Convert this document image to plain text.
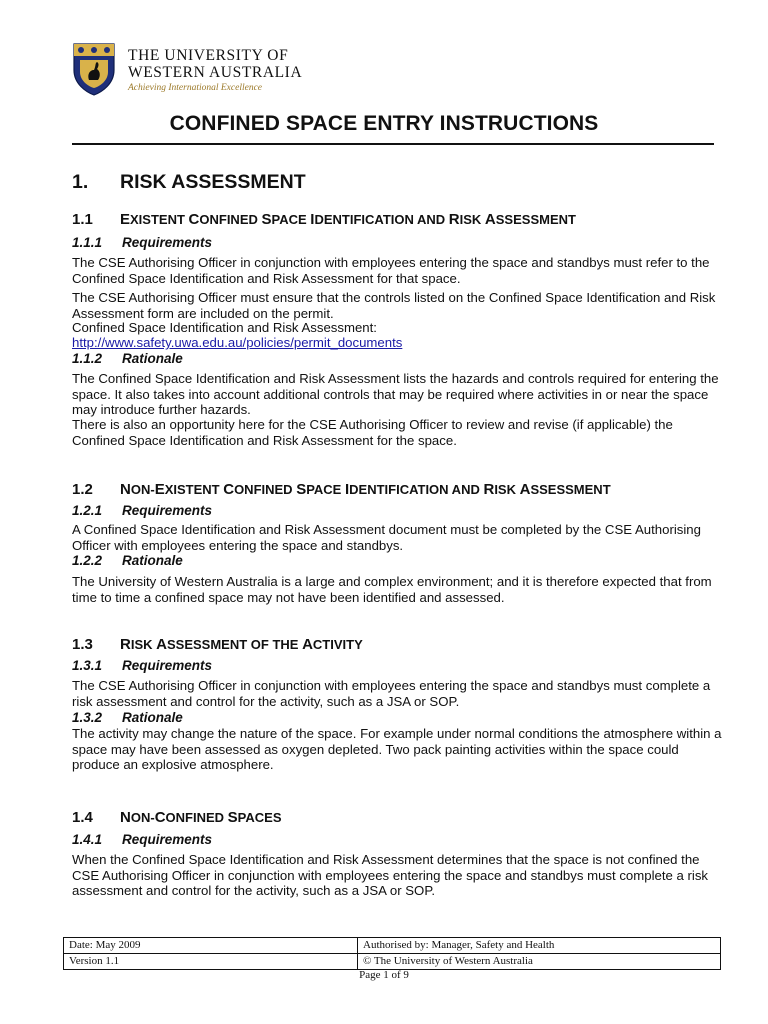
THE UNIVERSITY OF
WESTERN AUSTRALIA
Achieving International Excellence
CONFINED SPACE ENTRY INSTRUCTIONS
1. RISK ASSESSMENT
1.1 EXISTENT CONFINED SPACE IDENTIFICATION AND RISK ASSESSMENT
1.1.1 Requirements
The CSE Authorising Officer in conjunction with employees entering the space and standbys must refer to the Confined Space Identification and Risk Assessment for that space.
The CSE Authorising Officer must ensure that the controls listed on the Confined Space Identification and Risk Assessment form are included on the permit.
Confined Space Identification and Risk Assessment:
http://www.safety.uwa.edu.au/policies/permit_documents
1.1.2 Rationale
The Confined Space Identification and Risk Assessment lists the hazards and controls required for entering the space. It also takes into account additional controls that may be required where activities in or near the space may introduce further hazards.
There is also an opportunity here for the CSE Authorising Officer to review and revise (if applicable) the Confined Space Identification and Risk Assessment for the space.
1.2 NON-EXISTENT CONFINED SPACE IDENTIFICATION AND RISK ASSESSMENT
1.2.1 Requirements
A Confined Space Identification and Risk Assessment document must be completed by the CSE Authorising Officer with employees entering the space and standbys.
1.2.2 Rationale
The University of Western Australia is a large and complex environment; and it is therefore expected that from time to time a confined space may not have been identified and assessed.
1.3 RISK ASSESSMENT OF THE ACTIVITY
1.3.1 Requirements
The CSE Authorising Officer in conjunction with employees entering the space and standbys must complete a risk assessment and control for the activity, such as a JSA or SOP.
1.3.2 Rationale
The activity may change the nature of the space. For example under normal conditions the atmosphere within a space may have been assessed as oxygen depleted. Two pack painting activities within the space could produce an explosive atmosphere.
1.4 NON-CONFINED SPACES
1.4.1 Requirements
When the Confined Space Identification and Risk Assessment determines that the space is not confined the CSE Authorising Officer in conjunction with employees entering the space and standbys must complete a risk assessment and control for the activity, such as a JSA or SOP.
Date: May 2009	Authorised by: Manager, Safety and Health
Version 1.1	© The University of Western Australia
Page 1 of 9
